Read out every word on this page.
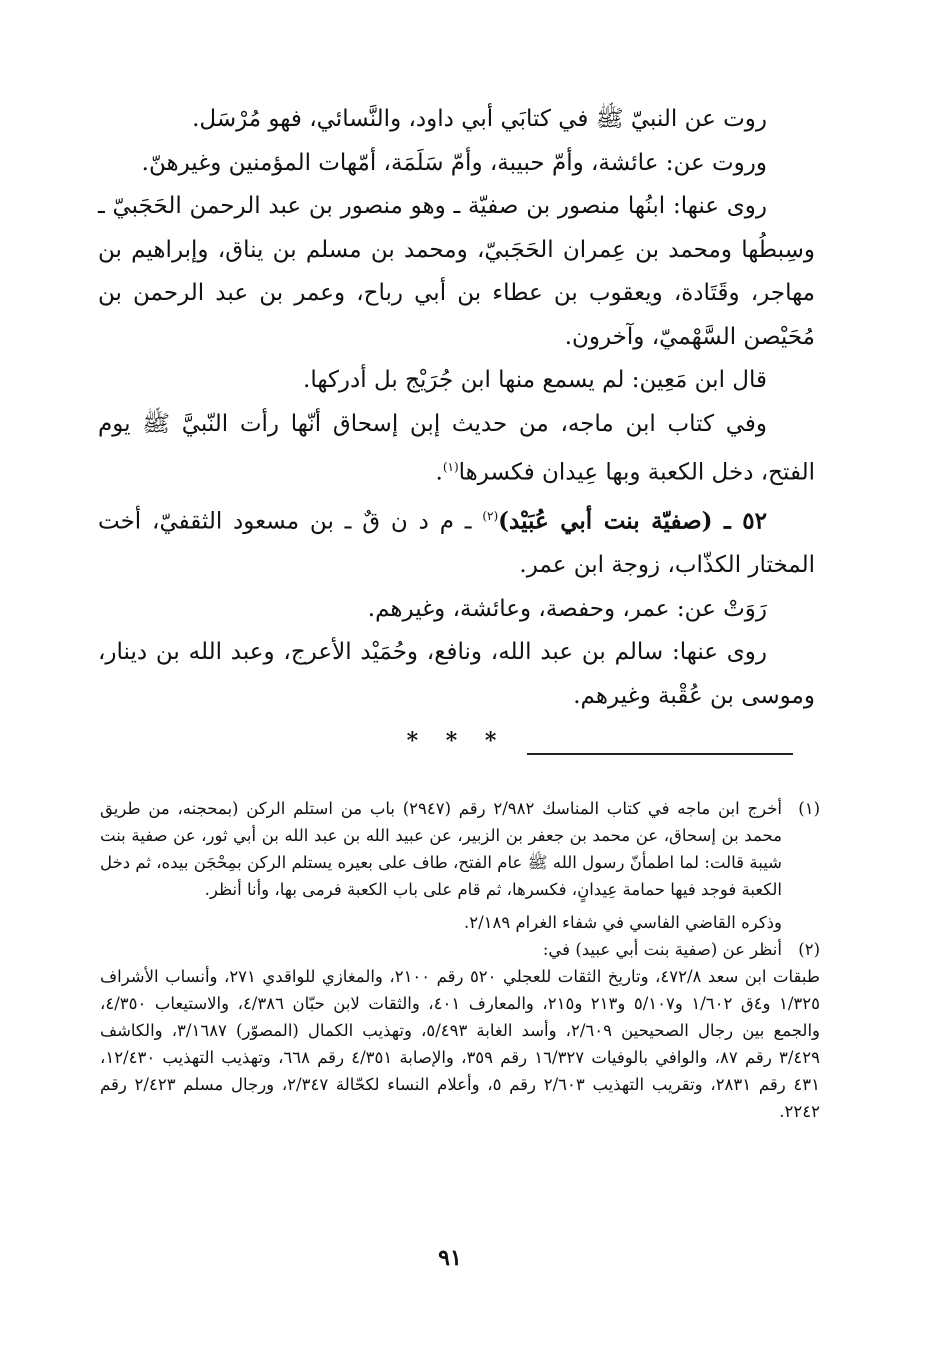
روت عن النبيّ ﷺ في كتابَي أبي داود، والنَّسائي، فهو مُرْسَل.

وروت عن: عائشة، وأمّ حبيبة، وأمّ سَلَمَة، أمّهات المؤمنين وغيرهنّ.

روى عنها: ابنُها منصور بن صفيّة ـ وهو منصور بن عبد الرحمن الحَجَبيّ ـ وسِبطُها ومحمد بن عِمران الحَجَبيّ، ومحمد بن مسلم بن يناق، وإبراهيم بن مهاجر، وقَتَادة، ويعقوب بن عطاء بن أبي رباح، وعمر بن عبد الرحمن بن مُحَيْصن السَّهْميّ، وآخرون.

قال ابن مَعِين: لم يسمع منها ابن جُرَيْج بل أدركها.

وفي كتاب ابن ماجه، من حديث إبن إسحاق أنّها رأت النّبيَّ ﷺ يوم الفتح، دخل الكعبة وبها عِيدان فكسرها$^{(١)}$.

٥٢ ـ (صفيّة بنت أبي عُبَيْد)$^{(٢)}$ ـ م د ن قٌ ـ بن مسعود الثقفيّ، أخت المختار الكذّاب، زوجة ابن عمر.

رَوَتْ عن: عمر، وحفصة، وعائشة، وغيرهم.

روى عنها: سالم بن عبد الله، ونافع، وحُمَيْد الأعرج، وعبد الله بن دينار، وموسى بن عُقْبة وغيرهم.

* * *

(١)
أخرج ابن ماجه في كتاب المناسك ٢/٩٨٢ رقم (٢٩٤٧) باب من استلم الركن (بمحجنه، من طريق محمد بن إسحاق، عن محمد بن جعفر بن الزبير، عن عبيد الله بن عبد الله بن أبي ثور، عن صفية بنت شيبة قالت: لما اطمأنّ رسول الله ﷺ عام الفتح، طاف على بعيره يستلم الركن بمِحْجَن بيده، ثم دخل الكعبة فوجد فيها حمامة عِيدانٍ، فكسرها، ثم قام على باب الكعبة فرمى بها، وأنا أنظر.

وذكره القاضي الفاسي في شفاء الغرام ٢/١٨٩.

(٢)
أنظر عن (صفية بنت أبي عبيد) في:

طبقات ابن سعد ٤٧٢/٨، وتاريخ الثقات للعجلي ٥٢٠ رقم ٢١٠٠، والمغازي للواقدي ٢٧١، وأنساب الأشراف ١/٣٢٥ و٤ق ١/٦٠٢ و٥/١٠٧ و٢١٣ و٢١٥، والمعارف ٤٠١، والثقات لابن حبّان ٤/٣٨٦، والاستيعاب ٤/٣٥٠، والجمع بين رجال الصحيحين ٢/٦٠٩، وأسد الغابة ٥/٤٩٣، وتهذيب الكمال (المصوّر) ٣/١٦٨٧، والكاشف ٣/٤٢٩ رقم ٨٧، والوافي بالوفيات ١٦/٣٢٧ رقم ٣٥٩، والإصابة ٤/٣٥١ رقم ٦٦٨، وتهذيب التهذيب ١٢/٤٣٠، ٤٣١ رقم ٢٨٣١، وتقريب التهذيب ٢/٦٠٣ رقم ٥، وأعلام النساء لكحّالة ٢/٣٤٧، ورجال مسلم ٢/٤٢٣ رقم ٢٢٤٢.

٩١
